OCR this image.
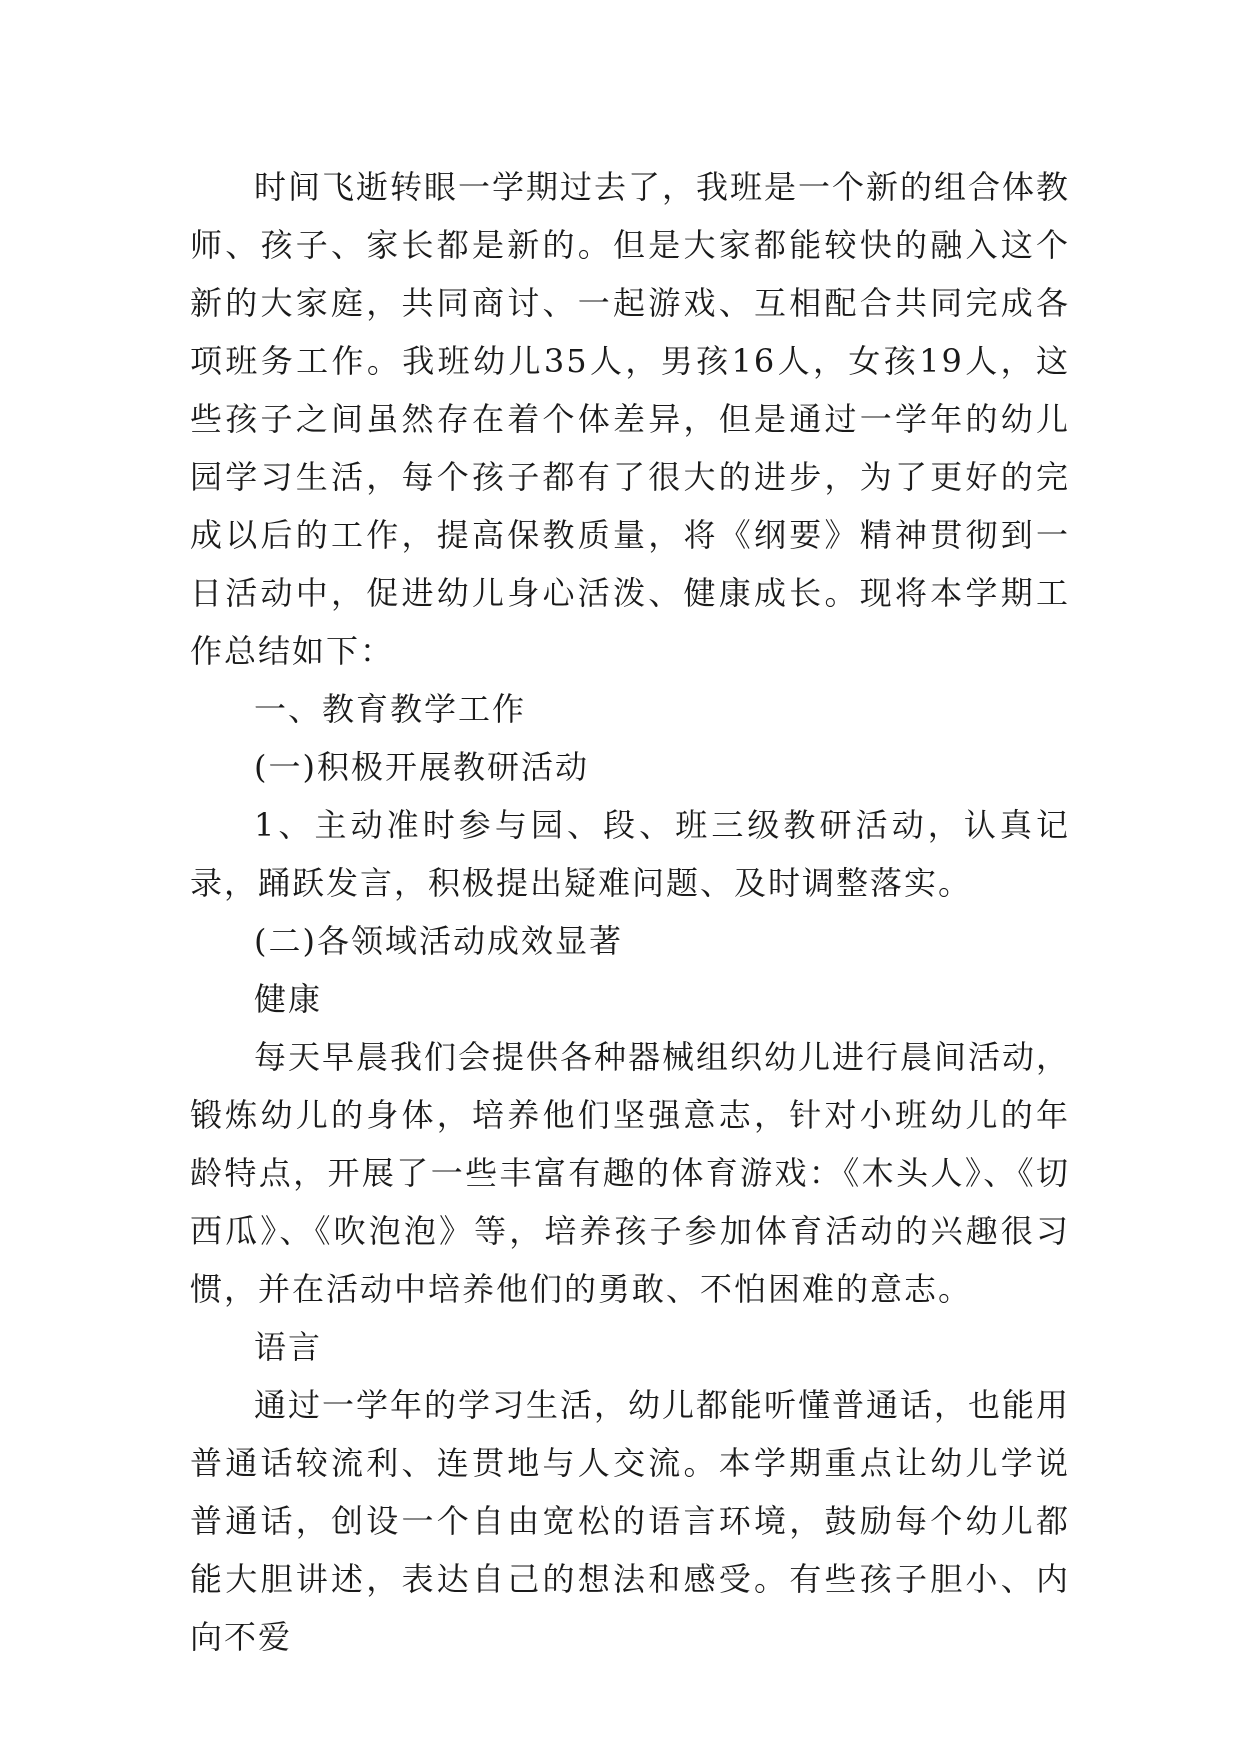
时间飞逝转眼一学期过去了，我班是一个新的组合体教师、孩子、家长都是新的。但是大家都能较快的融入这个新的大家庭，共同商讨、一起游戏、互相配合共同完成各项班务工作。我班幼儿35人，男孩16人，女孩19人，这些孩子之间虽然存在着个体差异，但是通过一学年的幼儿园学习生活，每个孩子都有了很大的进步，为了更好的完成以后的工作，提高保教质量，将《纲要》精神贯彻到一日活动中，促进幼儿身心活泼、健康成长。现将本学期工作总结如下：

一、教育教学工作

(一)积极开展教研活动

1、主动准时参与园、段、班三级教研活动，认真记录，踊跃发言，积极提出疑难问题、及时调整落实。

(二)各领域活动成效显著

健康

每天早晨我们会提供各种器械组织幼儿进行晨间活动，锻炼幼儿的身体，培养他们坚强意志，针对小班幼儿的年龄特点，开展了一些丰富有趣的体育游戏：《木头人》、《切西瓜》、《吹泡泡》等，培养孩子参加体育活动的兴趣很习惯，并在活动中培养他们的勇敢、不怕困难的意志。

语言

通过一学年的学习生活，幼儿都能听懂普通话，也能用普通话较流利、连贯地与人交流。本学期重点让幼儿学说普通话，创设一个自由宽松的语言环境，鼓励每个幼儿都能大胆讲述，表达自己的想法和感受。有些孩子胆小、内向不爱
